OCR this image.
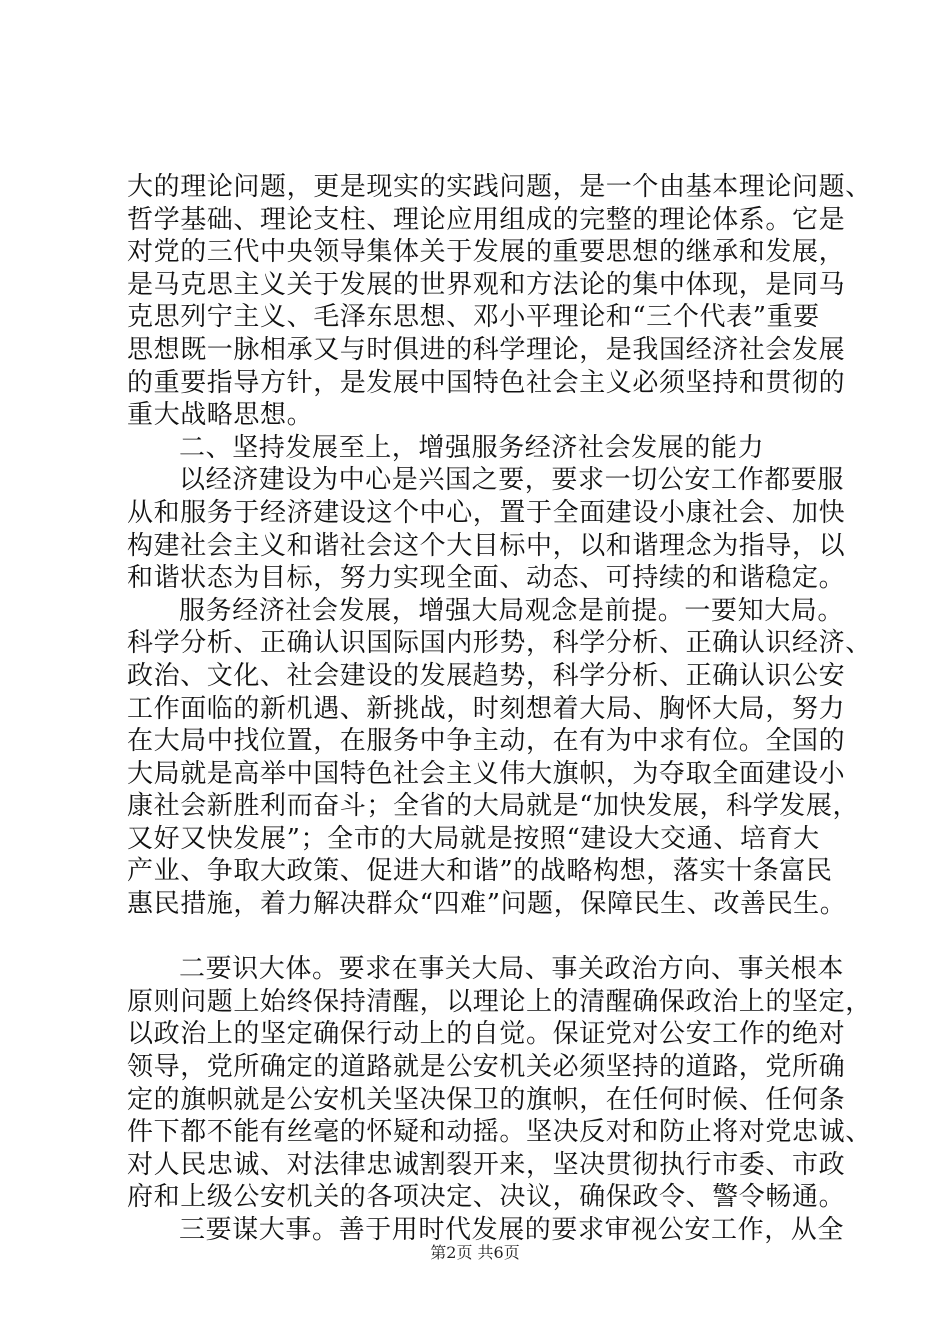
大的理论问题，更是现实的实践问题，是一个由基本理论问题、
哲学基础、理论支柱、理论应用组成的完整的理论体系。它是
对党的三代中央领导集体关于发展的重要思想的继承和发展，
是马克思主义关于发展的世界观和方法论的集中体现，是同马
克思列宁主义、毛泽东思想、邓小平理论和“三个代表”重要
思想既一脉相承又与时俱进的科学理论，是我国经济社会发展
的重要指导方针，是发展中国特色社会主义必须坚持和贯彻的
重大战略思想。
二、坚持发展至上，增强服务经济社会发展的能力
以经济建设为中心是兴国之要，要求一切公安工作都要服
从和服务于经济建设这个中心，置于全面建设小康社会、加快
构建社会主义和谐社会这个大目标中，以和谐理念为指导，以
和谐状态为目标，努力实现全面、动态、可持续的和谐稳定。
服务经济社会发展，增强大局观念是前提。一要知大局。
科学分析、正确认识国际国内形势，科学分析、正确认识经济、
政治、文化、社会建设的发展趋势，科学分析、正确认识公安
工作面临的新机遇、新挑战，时刻想着大局、胸怀大局，努力
在大局中找位置，在服务中争主动，在有为中求有位。全国的
大局就是高举中国特色社会主义伟大旗帜，为夺取全面建设小
康社会新胜利而奋斗；全省的大局就是“加快发展，科学发展，
又好又快发展”；全市的大局就是按照“建设大交通、培育大
产业、争取大政策、促进大和谐”的战略构想，落实十条富民
惠民措施，着力解决群众“四难”问题，保障民生、改善民生。
二要识大体。要求在事关大局、事关政治方向、事关根本
原则问题上始终保持清醒，以理论上的清醒确保政治上的坚定，
以政治上的坚定确保行动上的自觉。保证党对公安工作的绝对
领导，党所确定的道路就是公安机关必须坚持的道路，党所确
定的旗帜就是公安机关坚决保卫的旗帜，在任何时候、任何条
件下都不能有丝毫的怀疑和动摇。坚决反对和防止将对党忠诚、
对人民忠诚、对法律忠诚割裂开来，坚决贯彻执行市委、市政
府和上级公安机关的各项决定、决议，确保政令、警令畅通。
三要谋大事。善于用时代发展的要求审视公安工作，从全
第2页 共6页
